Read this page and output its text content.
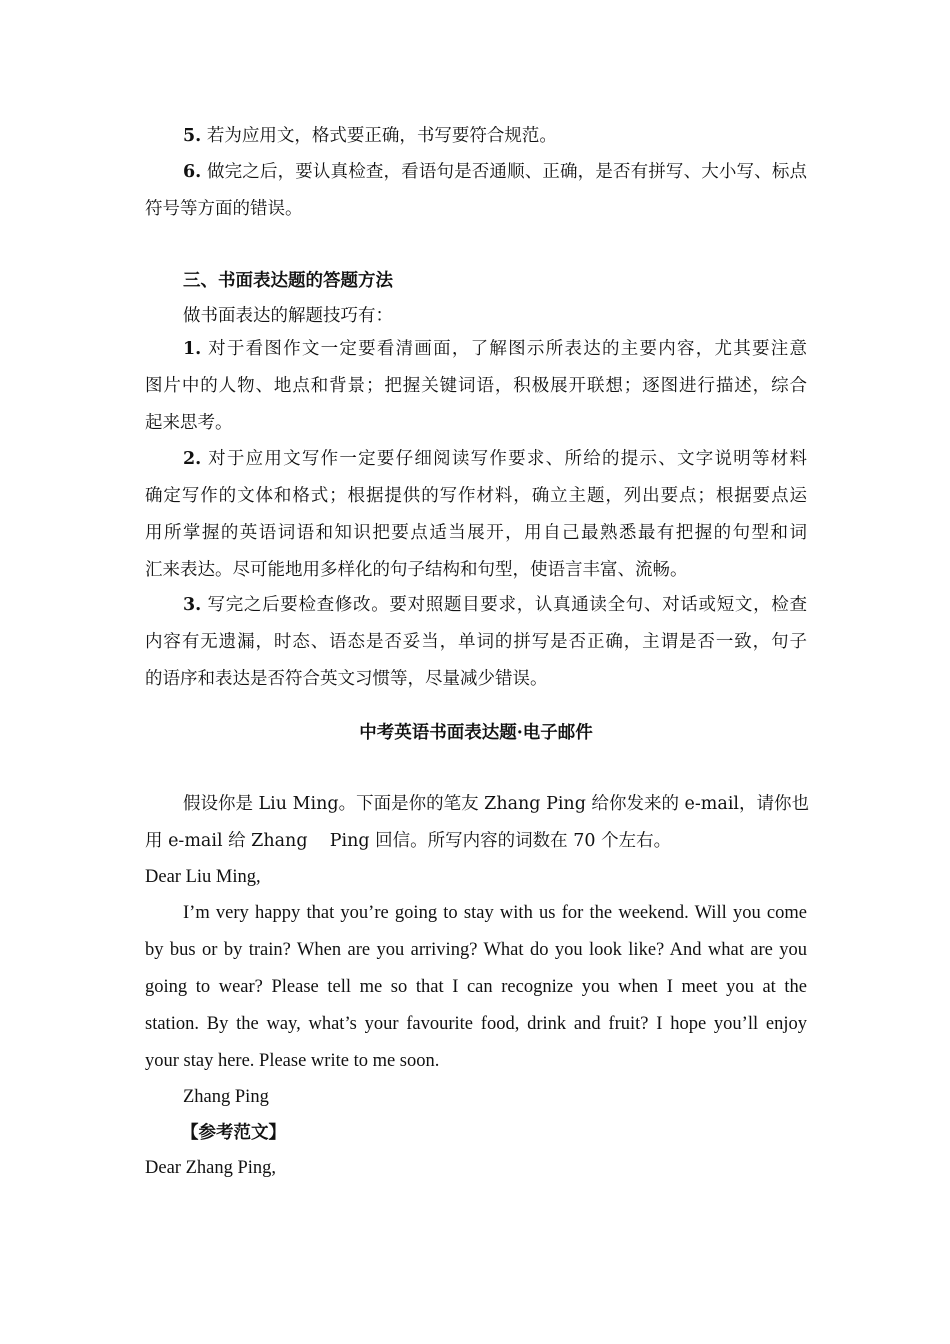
5. 若为应用文，格式要正确，书写要符合规范。
6. 做完之后，要认真检查，看语句是否通顺、正确，是否有拼写、大小写、标点
符号等方面的错误。
三、书面表达题的答题方法
做书面表达的解题技巧有：
1. 对于看图作文一定要看清画面，了解图示所表达的主要内容，尤其要注意
图片中的人物、地点和背景；把握关键词语，积极展开联想；逐图进行描述，综合
起来思考。
2. 对于应用文写作一定要仔细阅读写作要求、所给的提示、文字说明等材料
确定写作的文体和格式；根据提供的写作材料，确立主题，列出要点；根据要点运
用所掌握的英语词语和知识把要点适当展开，用自己最熟悉最有把握的句型和词
汇来表达。尽可能地用多样化的句子结构和句型，使语言丰富、流畅。
3. 写完之后要检查修改。要对照题目要求，认真通读全句、对话或短文，检查
内容有无遗漏，时态、语态是否妥当，单词的拼写是否正确，主谓是否一致，句子
的语序和表达是否符合英文习惯等，尽量减少错误。
中考英语书面表达题·电子邮件
假设你是 Liu Ming。下面是你的笔友 Zhang Ping 给你发来的 e-mail，请你也
用 e-mail 给 Zhang    Ping 回信。所写内容的词数在 70 个左右。
Dear Liu Ming,
I’m very happy that you’re going to stay with us for the weekend. Will you come
by bus or by train? When are you arriving? What do you look like? And what are you
going to wear? Please tell me so that I can recognize you when I meet you at the
station. By the way, what’s your favourite food, drink and fruit? I hope you’ll enjoy
your stay here. Please write to me soon.
Zhang Ping
【参考范文】
Dear Zhang Ping,
